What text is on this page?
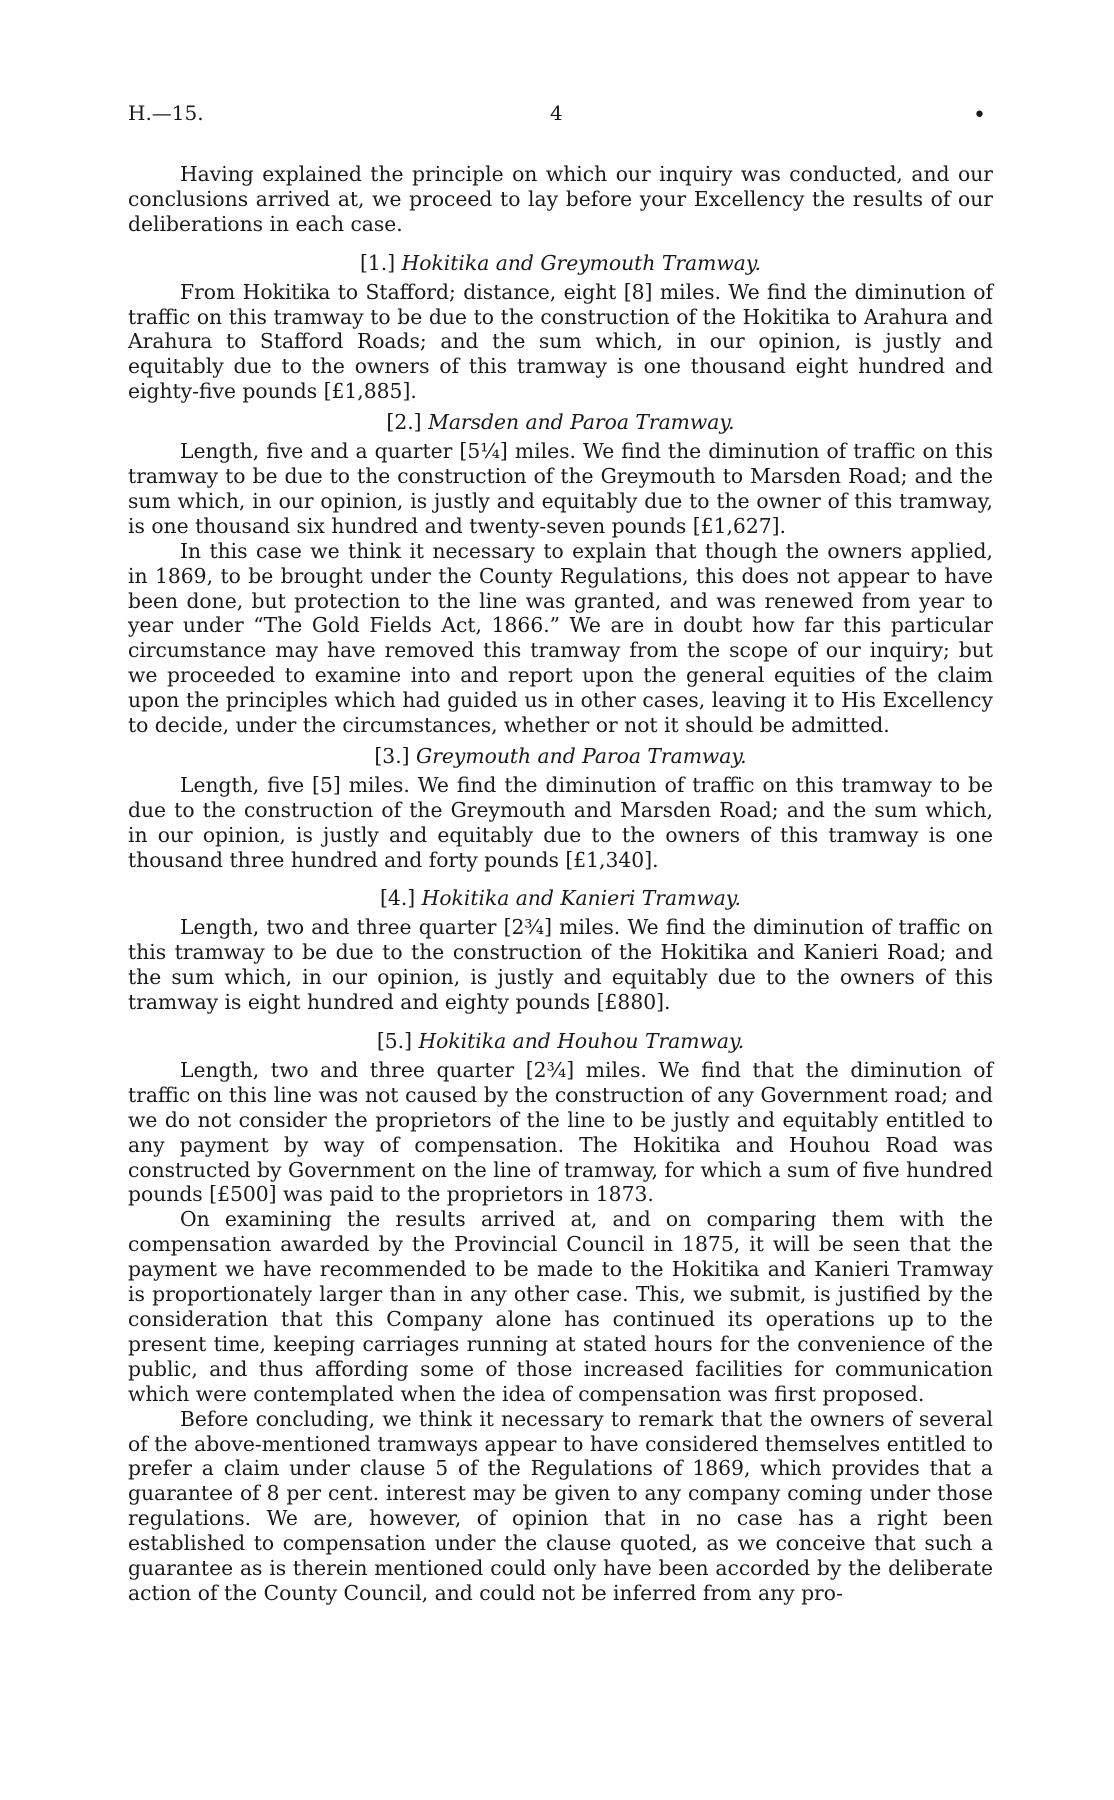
H.—15.	4	•

Having explained the principle on which our inquiry was conducted, and our conclusions arrived at, we proceed to lay before your Excellency the results of our deliberations in each case.

[1.] Hokitika and Greymouth Tramway.

From Hokitika to Stafford; distance, eight [8] miles. We find the diminution of traffic on this tramway to be due to the construction of the Hokitika to Arahura and Arahura to Stafford Roads; and the sum which, in our opinion, is justly and equitably due to the owners of this tramway is one thousand eight hundred and eighty-five pounds [£1,885].

[2.] Marsden and Paroa Tramway.

Length, five and a quarter [5¼] miles. We find the diminution of traffic on this tramway to be due to the construction of the Greymouth to Marsden Road; and the sum which, in our opinion, is justly and equitably due to the owner of this tramway, is one thousand six hundred and twenty-seven pounds [£1,627].

In this case we think it necessary to explain that though the owners applied, in 1869, to be brought under the County Regulations, this does not appear to have been done, but protection to the line was granted, and was renewed from year to year under “The Gold Fields Act, 1866.” We are in doubt how far this particular circumstance may have removed this tramway from the scope of our inquiry; but we proceeded to examine into and report upon the general equities of the claim upon the principles which had guided us in other cases, leaving it to His Excellency to decide, under the circumstances, whether or not it should be admitted.

[3.] Greymouth and Paroa Tramway.

Length, five [5] miles. We find the diminution of traffic on this tramway to be due to the construction of the Greymouth and Marsden Road; and the sum which, in our opinion, is justly and equitably due to the owners of this tramway is one thousand three hundred and forty pounds [£1,340].

[4.] Hokitika and Kanieri Tramway.

Length, two and three quarter [2¾] miles. We find the diminution of traffic on this tramway to be due to the construction of the Hokitika and Kanieri Road; and the sum which, in our opinion, is justly and equitably due to the owners of this tramway is eight hundred and eighty pounds [£880].

[5.] Hokitika and Houhou Tramway.

Length, two and three quarter [2¾] miles. We find that the diminution of traffic on this line was not caused by the construction of any Government road; and we do not consider the proprietors of the line to be justly and equitably entitled to any payment by way of compensation. The Hokitika and Houhou Road was constructed by Government on the line of tramway, for which a sum of five hundred pounds [£500] was paid to the proprietors in 1873.

On examining the results arrived at, and on comparing them with the compensation awarded by the Provincial Council in 1875, it will be seen that the payment we have recommended to be made to the Hokitika and Kanieri Tramway is proportionately larger than in any other case. This, we submit, is justified by the consideration that this Company alone has continued its operations up to the present time, keeping carriages running at stated hours for the convenience of the public, and thus affording some of those increased facilities for communication which were contemplated when the idea of compensation was first proposed.

Before concluding, we think it necessary to remark that the owners of several of the above-mentioned tramways appear to have considered themselves entitled to prefer a claim under clause 5 of the Regulations of 1869, which provides that a guarantee of 8 per cent. interest may be given to any company coming under those regulations. We are, however, of opinion that in no case has a right been established to compensation under the clause quoted, as we conceive that such a guarantee as is therein mentioned could only have been accorded by the deliberate action of the County Council, and could not be inferred from any pro-
